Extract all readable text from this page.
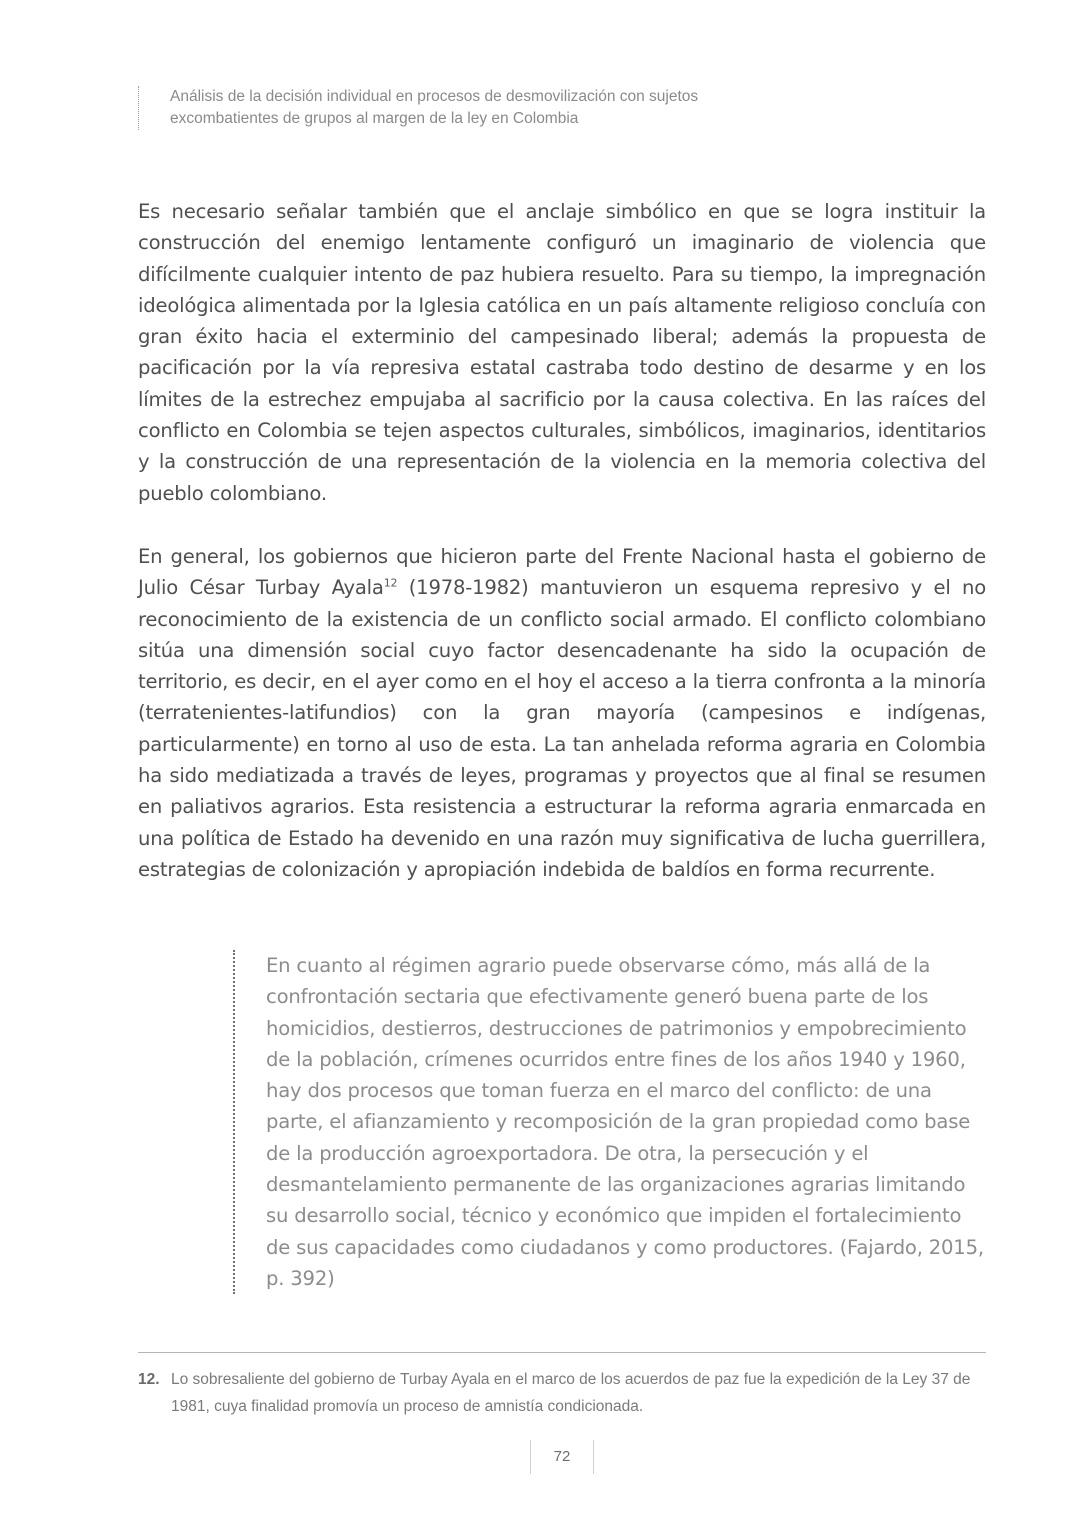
Análisis de la decisión individual en procesos de desmovilización con sujetos
excombatientes de grupos al margen de la ley en Colombia

Es necesario señalar también que el anclaje simbólico en que se logra instituir la construcción del enemigo lentamente configuró un imaginario de violencia que difícilmente cualquier intento de paz hubiera resuelto. Para su tiempo, la impregnación ideológica alimentada por la Iglesia católica en un país altamente religioso concluía con gran éxito hacia el exterminio del campesinado liberal; además la propuesta de pacificación por la vía represiva estatal castraba todo destino de desarme y en los límites de la estrechez empujaba al sacrificio por la causa colectiva. En las raíces del conflicto en Colombia se tejen aspectos culturales, simbólicos, imaginarios, identitarios y la construcción de una representación de la violencia en la memoria colectiva del pueblo colombiano.

En general, los gobiernos que hicieron parte del Frente Nacional hasta el gobierno de Julio César Turbay Ayala$^{12}$ (1978-1982) mantuvieron un esquema represivo y el no reconocimiento de la existencia de un conflicto social armado. El conflicto colombiano sitúa una dimensión social cuyo factor desencadenante ha sido la ocupación de territorio, es decir, en el ayer como en el hoy el acceso a la tierra confronta a la minoría (terratenientes-latifundios) con la gran mayoría (campesinos e indígenas, particularmente) en torno al uso de esta. La tan anhelada reforma agraria en Colombia ha sido mediatizada a través de leyes, programas y proyectos que al final se resumen en paliativos agrarios. Esta resistencia a estructurar la reforma agraria enmarcada en una política de Estado ha devenido en una razón muy significativa de lucha guerrillera, estrategias de colonización y apropiación indebida de baldíos en forma recurrente.

En cuanto al régimen agrario puede observarse cómo, más allá de la confrontación sectaria que efectivamente generó buena parte de los homicidios, destierros, destrucciones de patrimonios y empobrecimiento de la población, crímenes ocurridos entre fines de los años 1940 y 1960, hay dos procesos que toman fuerza en el marco del conflicto: de una parte, el afianzamiento y recomposición de la gran propiedad como base de la producción agroexportadora. De otra, la persecución y el desmantelamiento permanente de las organizaciones agrarias limitando su desarrollo social, técnico y económico que impiden el fortalecimiento de sus capacidades como ciudadanos y como productores. (Fajardo, 2015, p. 392)

12. Lo sobresaliente del gobierno de Turbay Ayala en el marco de los acuerdos de paz fue la expedición de la Ley 37 de 1981, cuya finalidad promovía un proceso de amnistía condicionada.
72
